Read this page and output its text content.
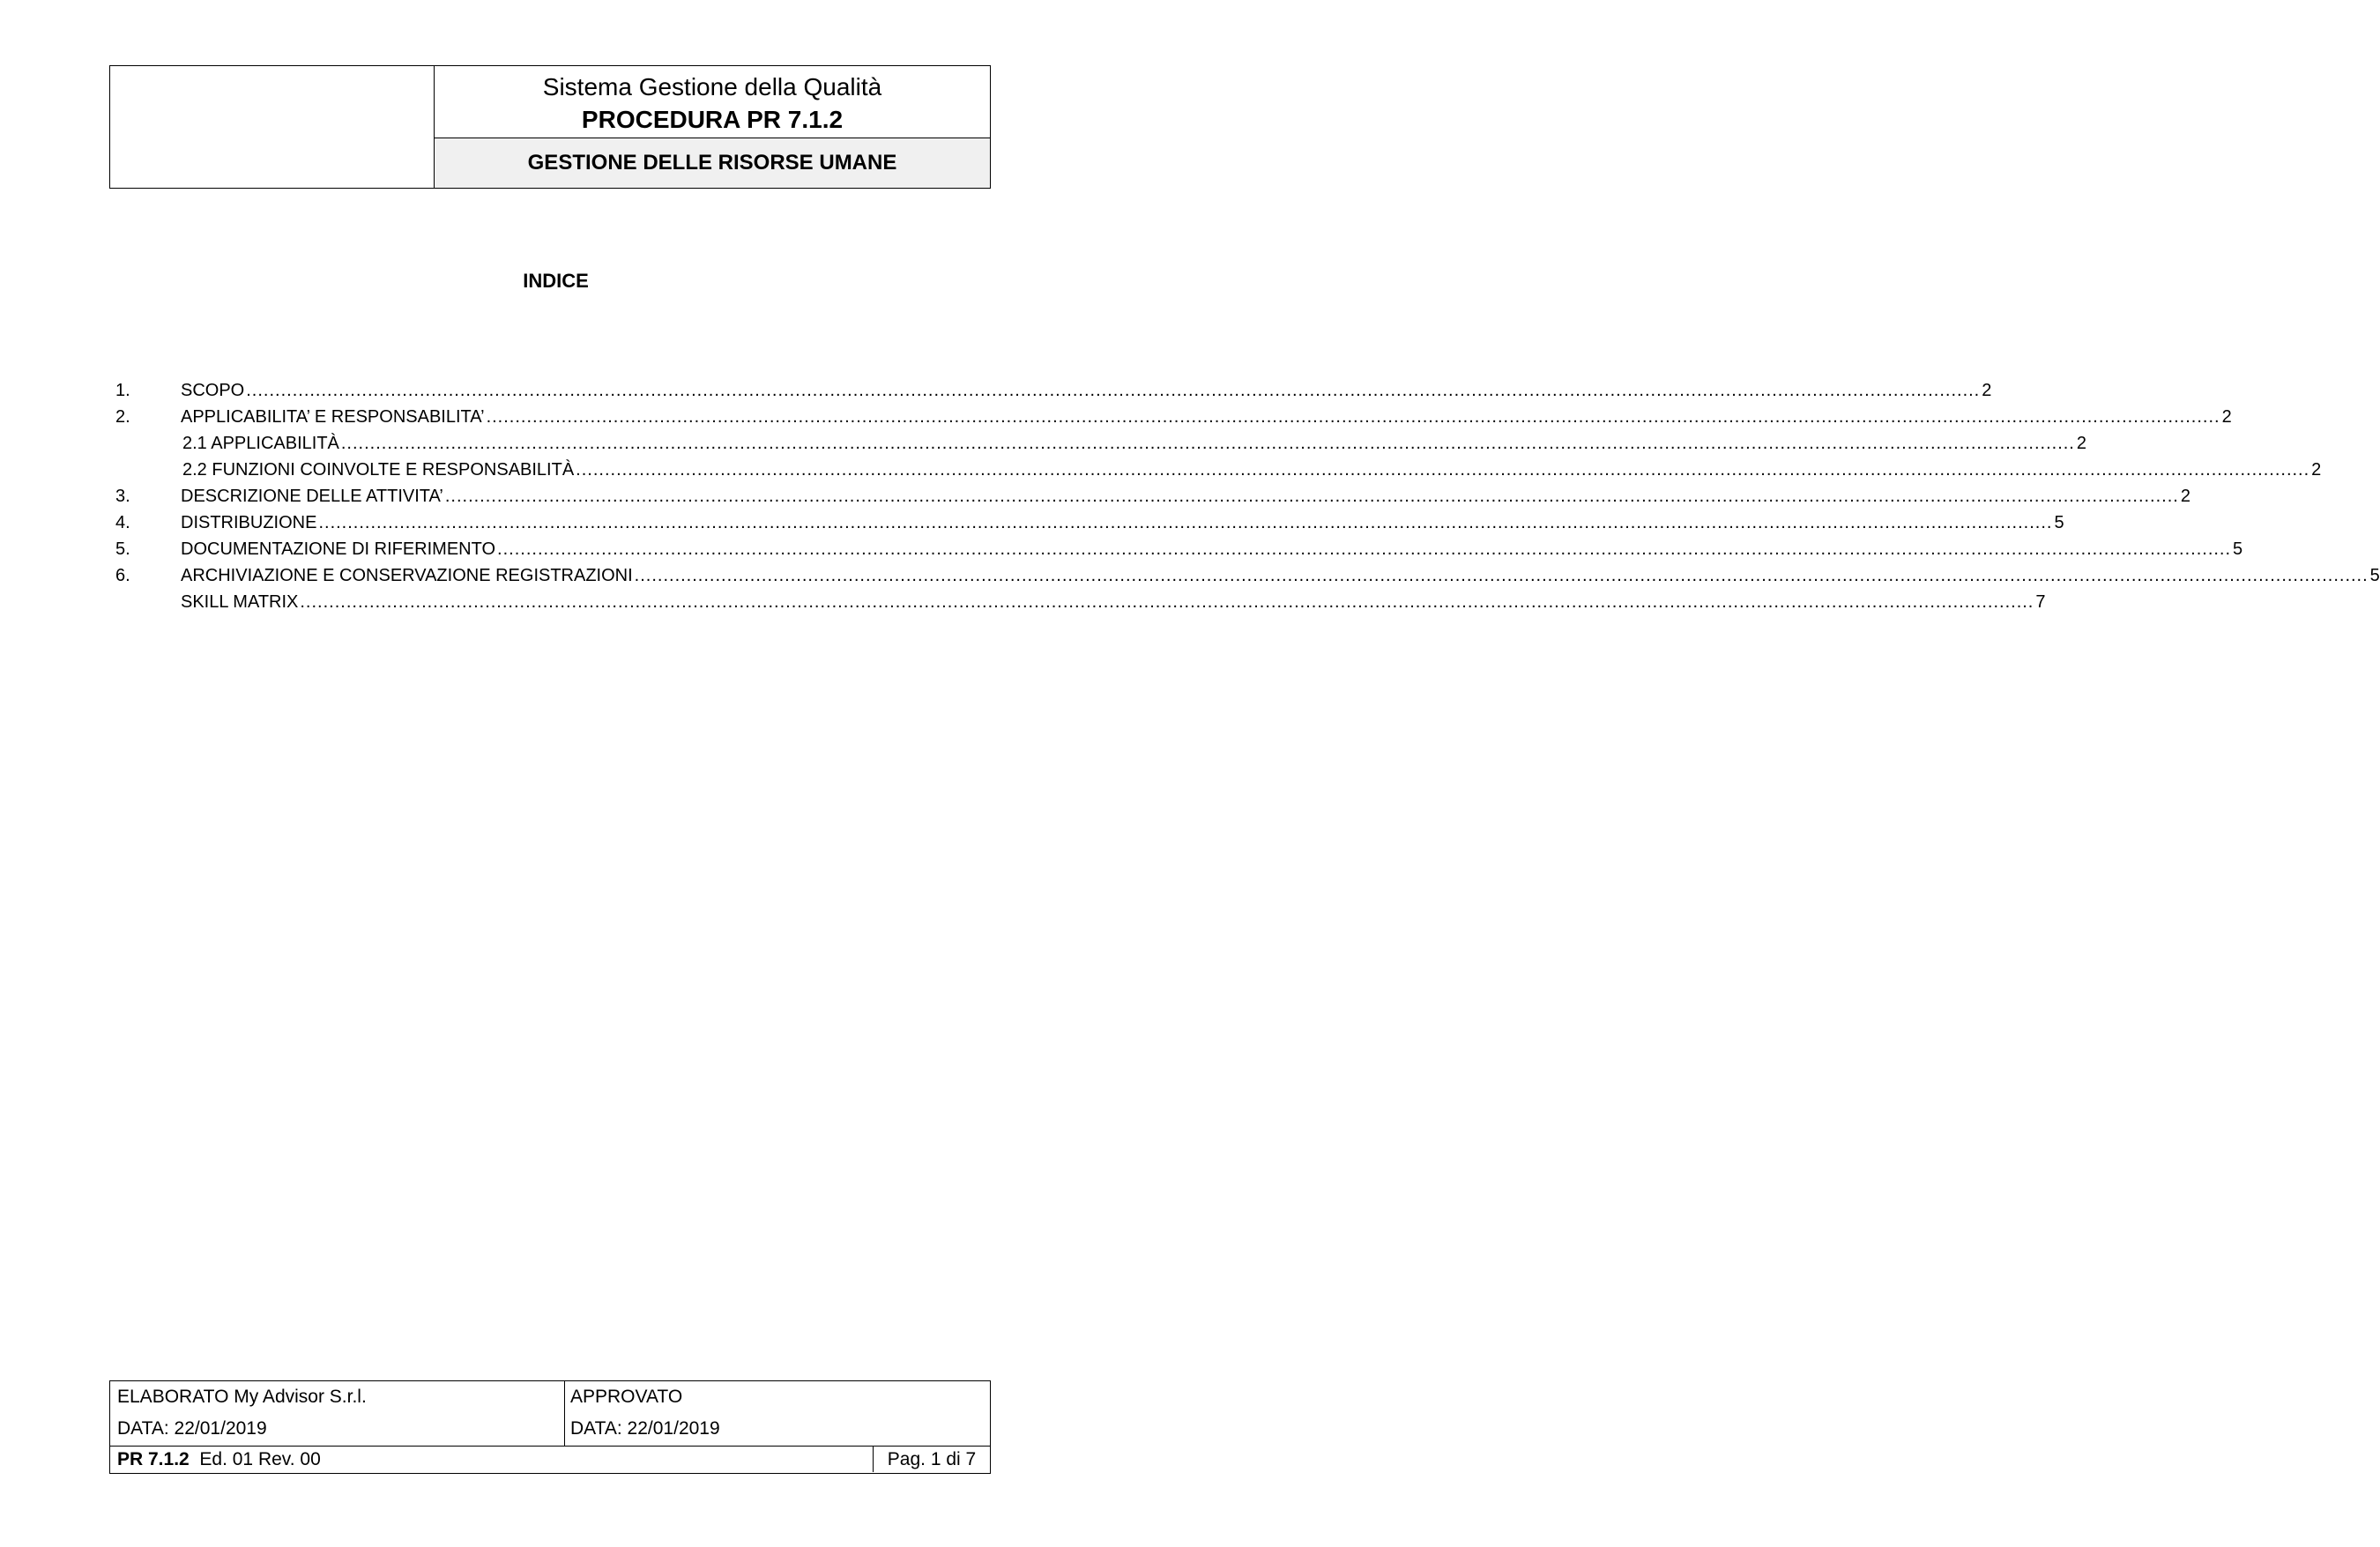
Sistema Gestione della Qualità
PROCEDURA PR 7.1.2
GESTIONE DELLE RISORSE UMANE
INDICE
1.	SCOPO ............................................................................................................................................................................................................................................................................................................ 2
2.	APPLICABILITA’ E RESPONSABILITA’ ............................................................................................................................................................................................................................................................................................................ 2
2.1 APPLICABILITÀ ............................................................................................................................................................................................................................................................................................................ 2
2.2 FUNZIONI COINVOLTE E RESPONSABILITÀ ............................................................................................................................................................................................................................................................................................................ 2
3.	DESCRIZIONE DELLE ATTIVITA’ ............................................................................................................................................................................................................................................................................................................ 2
4.	DISTRIBUZIONE ............................................................................................................................................................................................................................................................................................................ 5
5.	DOCUMENTAZIONE DI RIFERIMENTO ............................................................................................................................................................................................................................................................................................................ 5
6.	ARCHIVIAZIONE E CONSERVAZIONE REGISTRAZIONI ............................................................................................................................................................................................................................................................................................................ 5
SKILL MATRIX ............................................................................................................................................................................................................................................................................................................ 7
ELABORATO My Advisor S.r.l.
DATA: 22/01/2019
APPROVATO
DATA: 22/01/2019
PR 7.1.2 Ed. 01 Rev. 00	Pag. 1 di 7
